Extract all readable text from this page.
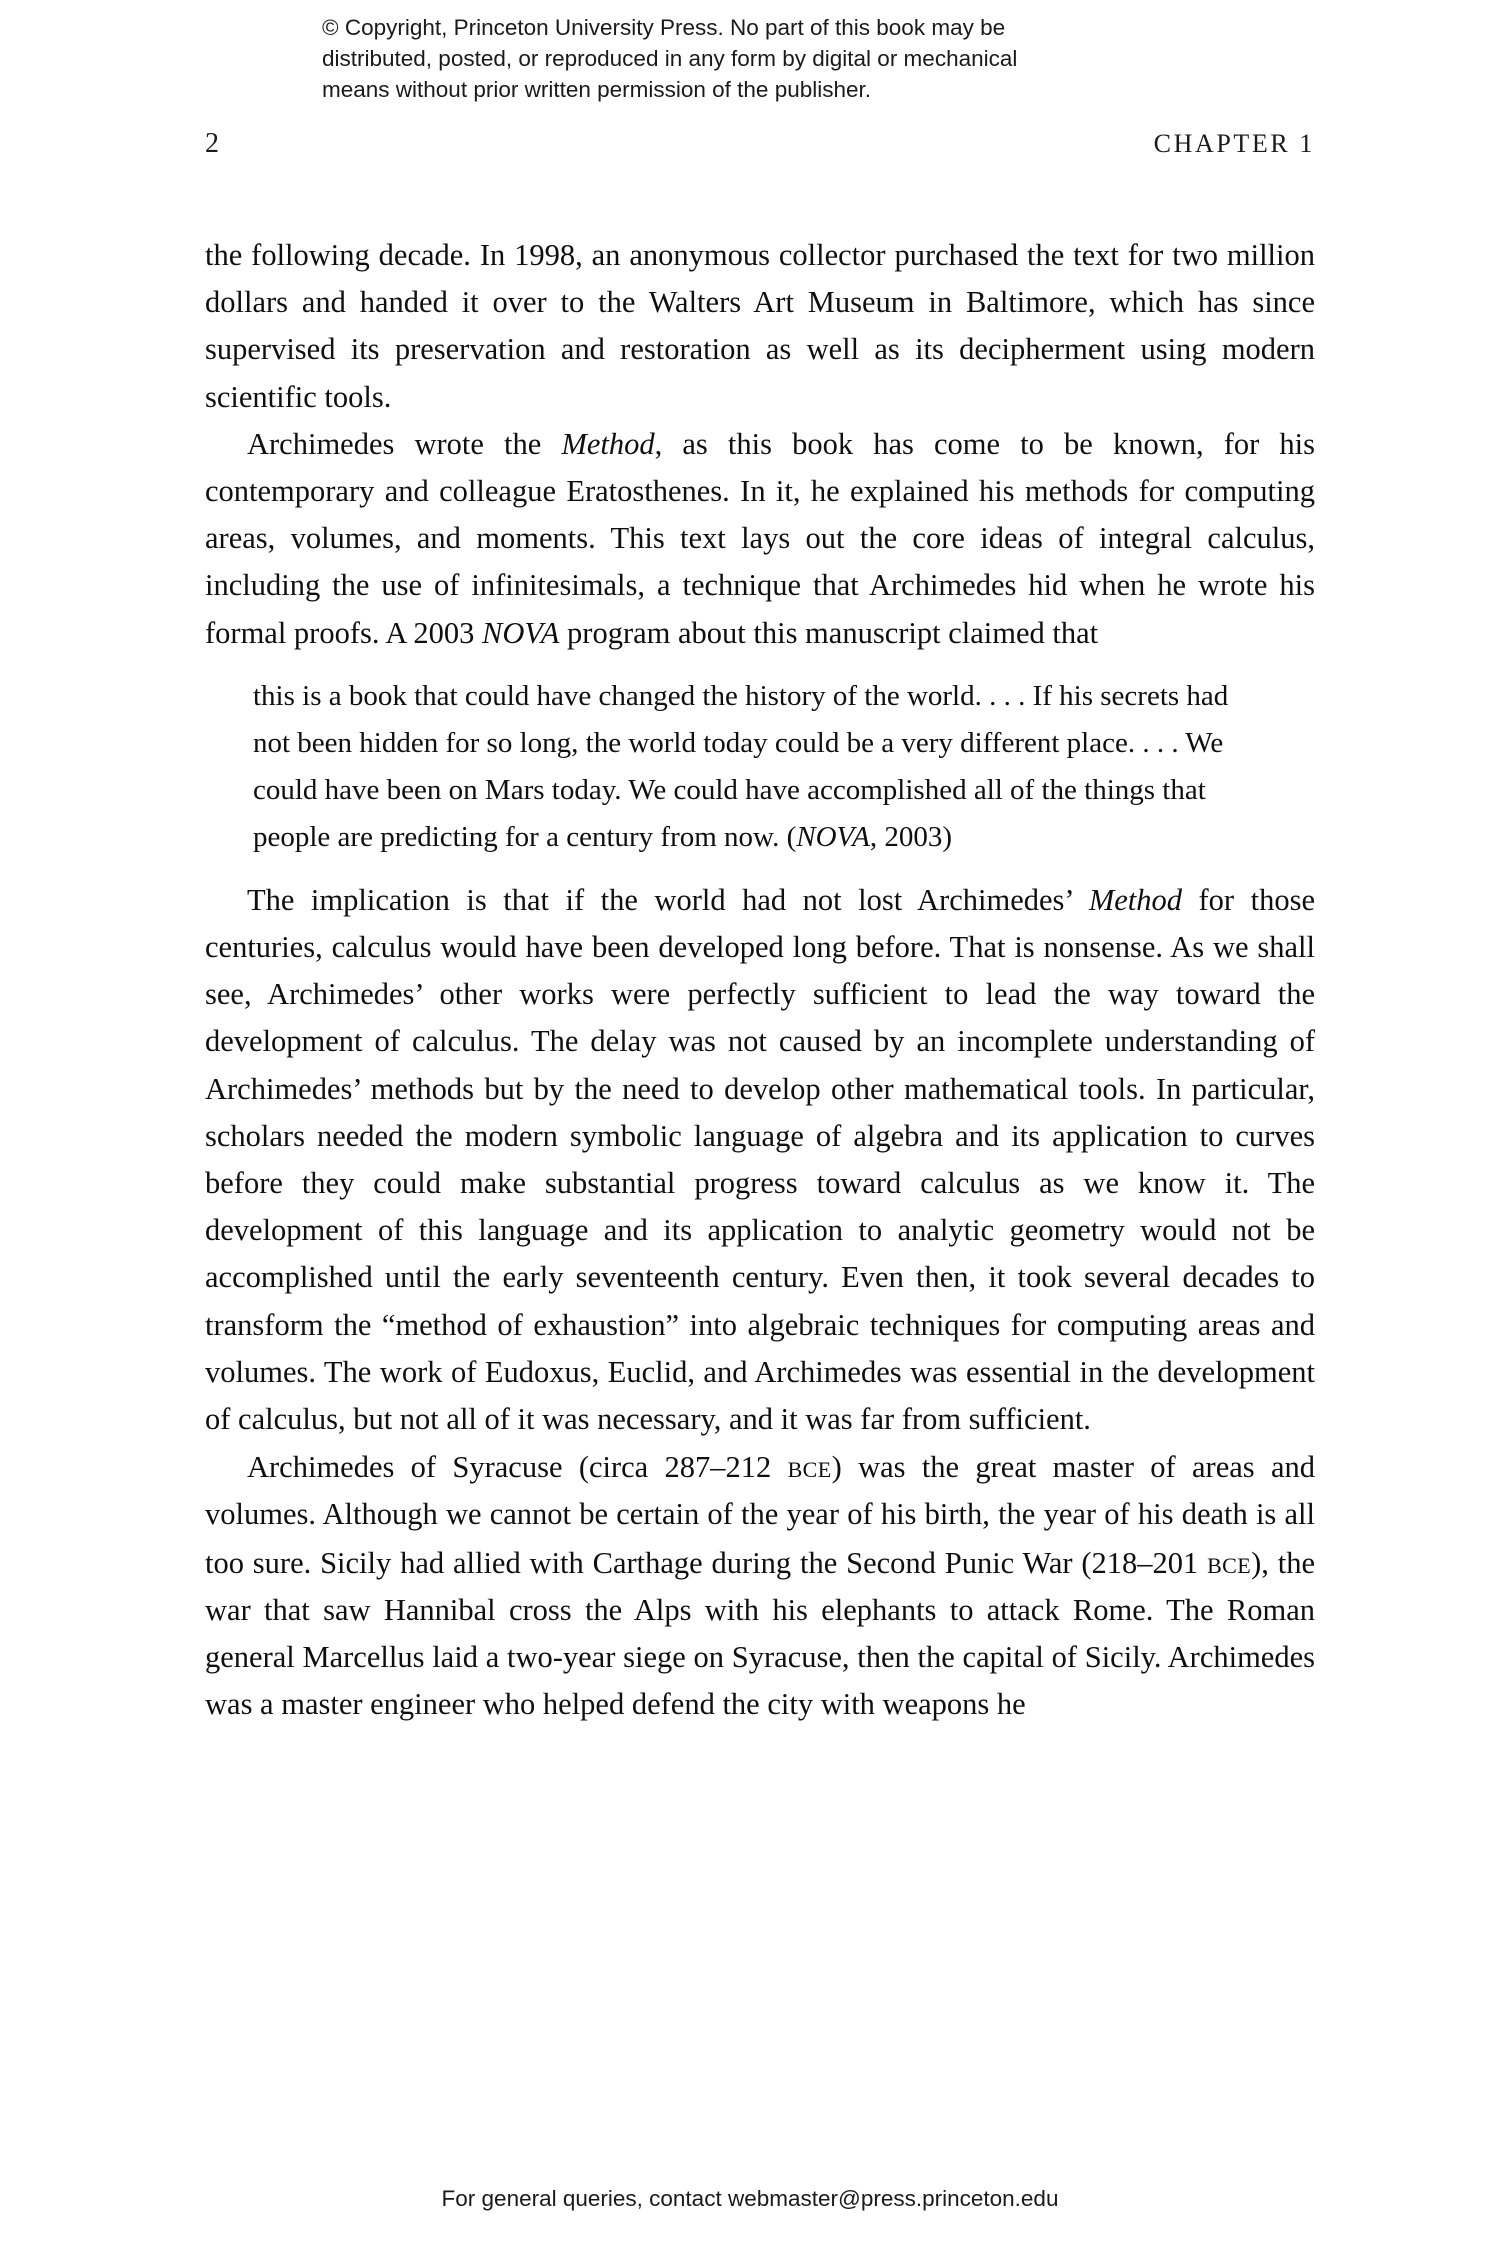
© Copyright, Princeton University Press. No part of this book may be
distributed, posted, or reproduced in any form by digital or mechanical
means without prior written permission of the publisher.
2	CHAPTER 1

the following decade. In 1998, an anonymous collector purchased the text for two million dollars and handed it over to the Walters Art Museum in Baltimore, which has since supervised its preservation and restoration as well as its decipherment using modern scientific tools.

Archimedes wrote the Method, as this book has come to be known, for his contemporary and colleague Eratosthenes. In it, he explained his methods for computing areas, volumes, and moments. This text lays out the core ideas of integral calculus, including the use of infinitesimals, a technique that Archimedes hid when he wrote his formal proofs. A 2003 NOVA program about this manuscript claimed that

this is a book that could have changed the history of the world. . . . If his secrets had not been hidden for so long, the world today could be a very different place. . . . We could have been on Mars today. We could have accomplished all of the things that people are predicting for a century from now. (NOVA, 2003)

The implication is that if the world had not lost Archimedes’ Method for those centuries, calculus would have been developed long before. That is nonsense. As we shall see, Archimedes’ other works were perfectly sufficient to lead the way toward the development of calculus. The delay was not caused by an incomplete understanding of Archimedes’ methods but by the need to develop other mathematical tools. In particular, scholars needed the modern symbolic language of algebra and its application to curves before they could make substantial progress toward calculus as we know it. The development of this language and its application to analytic geometry would not be accomplished until the early seventeenth century. Even then, it took several decades to transform the “method of exhaustion” into algebraic techniques for computing areas and volumes. The work of Eudoxus, Euclid, and Archimedes was essential in the development of calculus, but not all of it was necessary, and it was far from sufficient.

Archimedes of Syracuse (circa 287–212 bce) was the great master of areas and volumes. Although we cannot be certain of the year of his birth, the year of his death is all too sure. Sicily had allied with Carthage during the Second Punic War (218–201 bce), the war that saw Hannibal cross the Alps with his elephants to attack Rome. The Roman general Marcellus laid a two-year siege on Syracuse, then the capital of Sicily. Archimedes was a master engineer who helped defend the city with weapons he

For general queries, contact webmaster@press.princeton.edu
